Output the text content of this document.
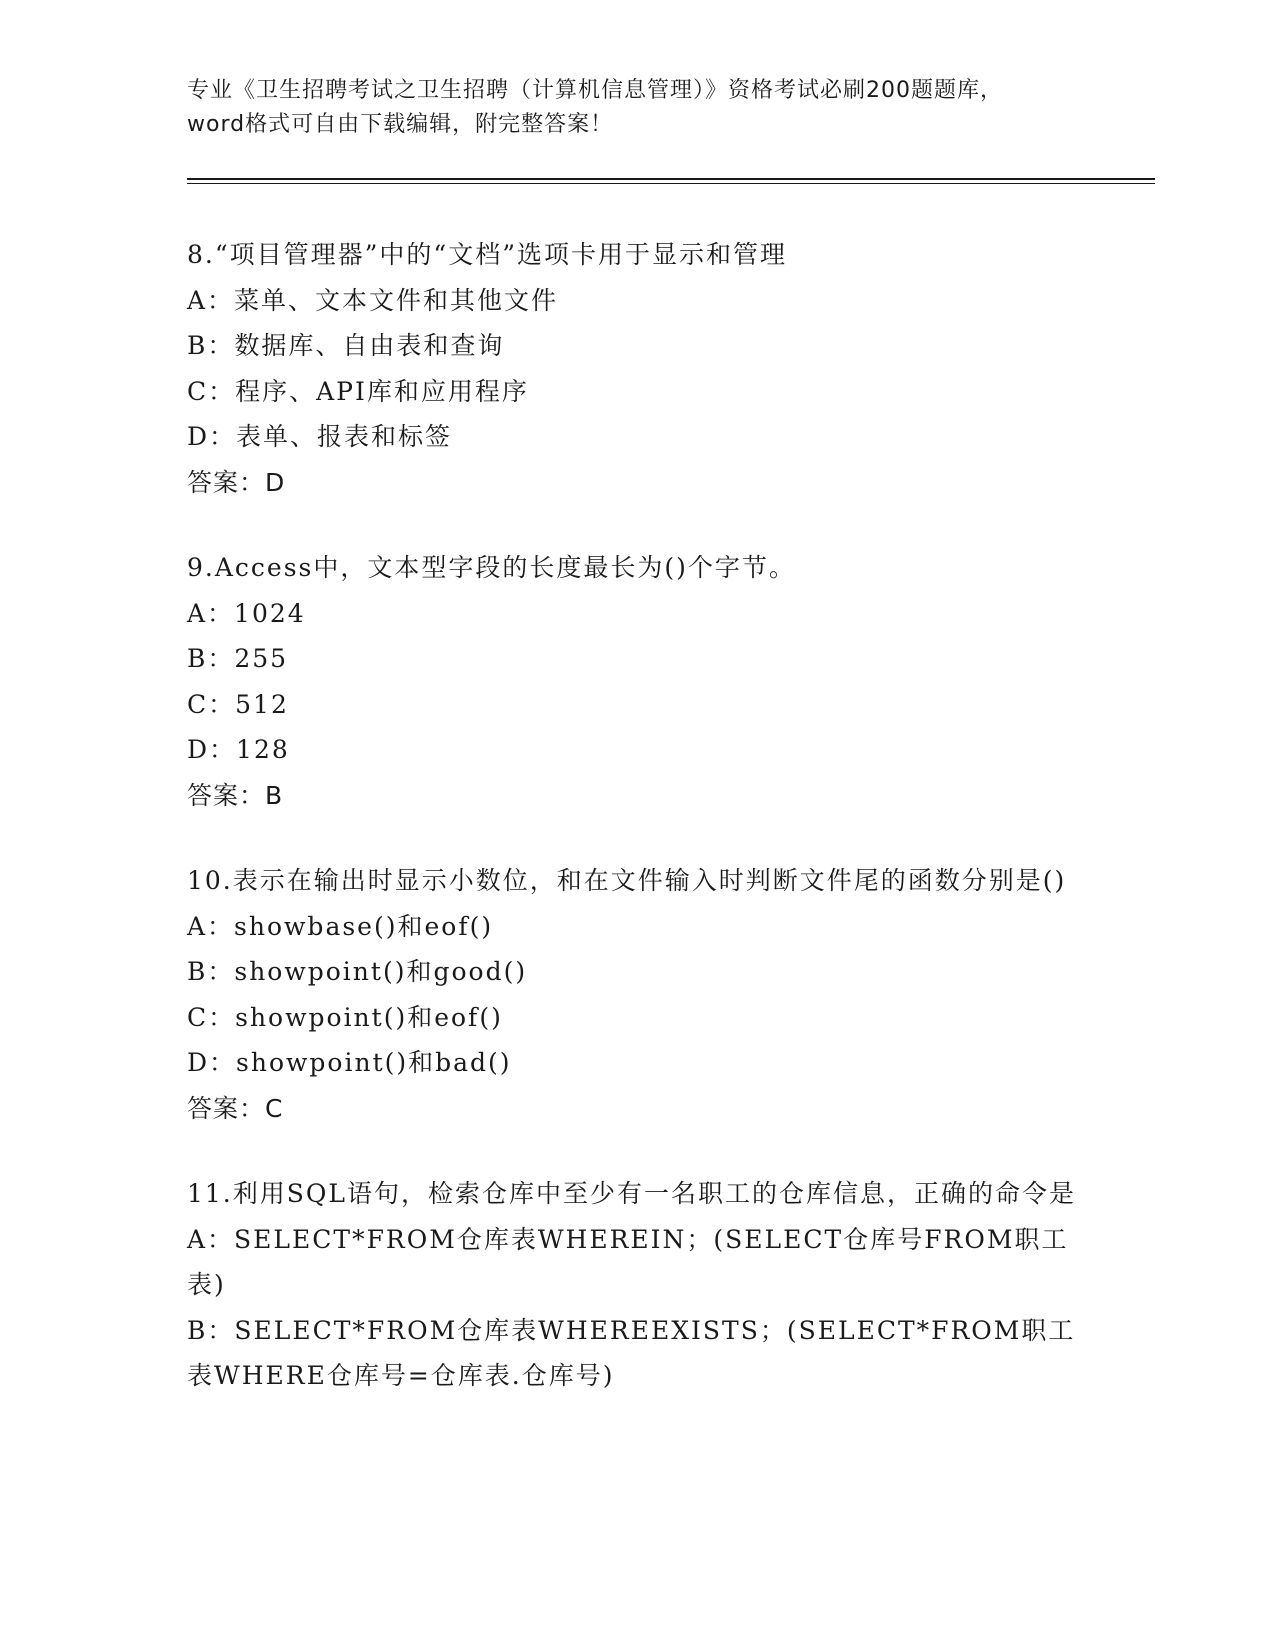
专业《卫生招聘考试之卫生招聘（计算机信息管理）》资格考试必刷200题题库，
word格式可自由下载编辑，附完整答案！

8.“项目管理器”中的“文档”选项卡用于显示和管理

A：菜单、文本文件和其他文件

B：数据库、自由表和查询

C：程序、API库和应用程序

D：表单、报表和标签

答案：D

9.Access中，文本型字段的长度最长为()个字节。

A：1024

B：255

C：512

D：128

答案：B

10.表示在输出时显示小数位，和在文件输入时判断文件尾的函数分别是()

A：showbase()和eof()

B：showpoint()和good()

C：showpoint()和eof()

D：showpoint()和bad()

答案：C

11.利用SQL语句，检索仓库中至少有一名职工的仓库信息，正确的命令是

A：SELECT*FROM仓库表WHEREIN；(SELECT仓库号FROM职工表)

B：SELECT*FROM仓库表WHEREEXISTS；(SELECT*FROM职工表WHERE仓库号=仓库表.仓库号)
